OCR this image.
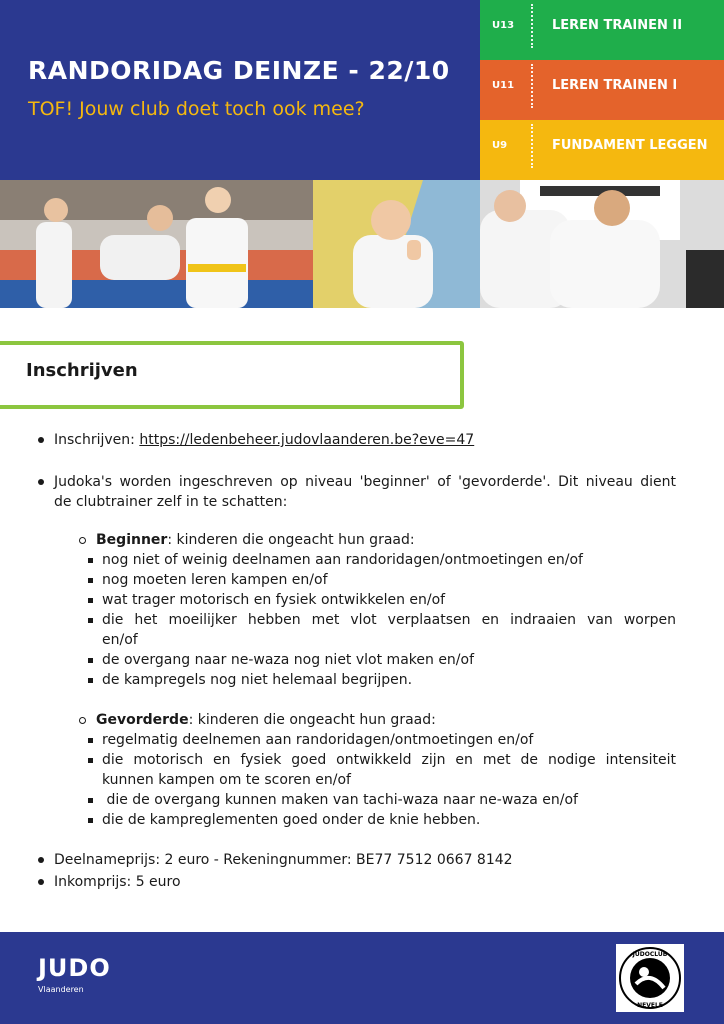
RANDORIDAG DEINZE - 22/10
TOF! Jouw club doet toch ook mee?
U13	LEREN TRAINEN II
U11	LEREN TRAINEN I
U9	FUNDAMENT LEGGEN
Inschrijven
Inschrijven: https://ledenbeheer.judovlaanderen.be?eve=47
Judoka's worden ingeschreven op niveau 'beginner' of 'gevorderde'. Dit niveau dient
de clubtrainer zelf in te schatten:
Beginner: kinderen die ongeacht hun graad:
nog niet of weinig deelnamen aan randoridagen/ontmoetingen en/of
nog moeten leren kampen en/of
wat trager motorisch en fysiek ontwikkelen en/of
die het moeilijker hebben met vlot verplaatsen en indraaien van worpen
en/of
de overgang naar ne-waza nog niet vlot maken en/of
de kampregels nog niet helemaal begrijpen.
Gevorderde: kinderen die ongeacht hun graad:
regelmatig deelnemen aan randoridagen/ontmoetingen en/of
die motorisch en fysiek goed ontwikkeld zijn en met de nodige intensiteit
kunnen kampen om te scoren en/of
die de overgang kunnen maken van tachi-waza naar ne-waza en/of
die de kampreglementen goed onder de knie hebben.
Deelnameprijs: 2 euro - Rekeningnummer: BE77 7512 0667 8142
Inkomprijs: 5 euro
JUDO
Vlaanderen
JUDOCLUB
NEVELE
